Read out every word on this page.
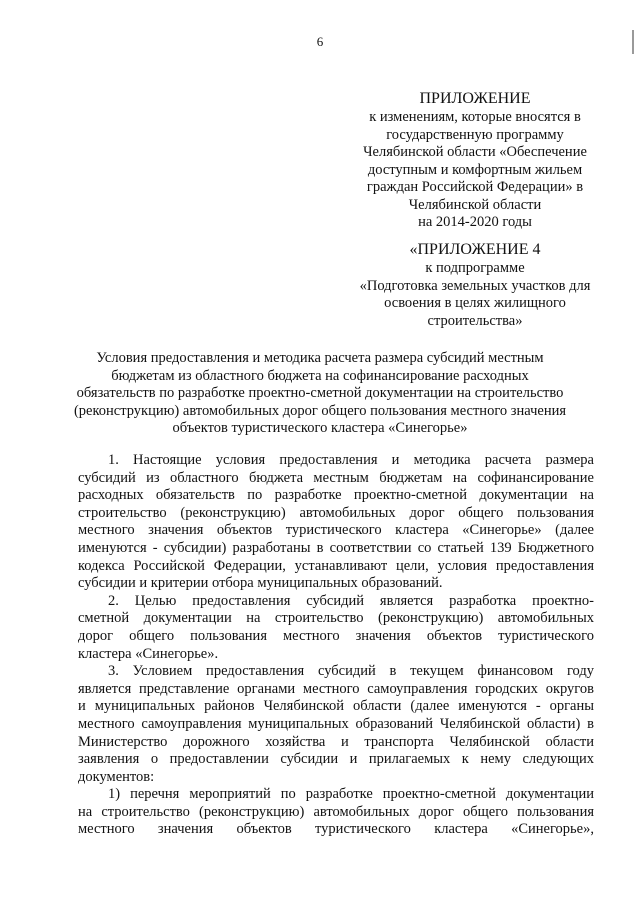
6
ПРИЛОЖЕНИЕ
к изменениям, которые вносятся в
государственную программу
Челябинской области «Обеспечение
доступным и комфортным жильем
граждан Российской Федерации» в
Челябинской области
на 2014-2020 годы
«ПРИЛОЖЕНИЕ 4
к подпрограмме
«Подготовка земельных участков для
освоения в целях жилищного
строительства»
Условия предоставления и методика расчета размера субсидий местным
бюджетам из областного бюджета на софинансирование расходных
обязательств по разработке проектно-сметной документации на строительство
(реконструкцию) автомобильных дорог общего пользования местного значения
объектов туристического кластера «Синегорье»
1. Настоящие условия предоставления и методика расчета размера
субсидий из областного бюджета местным бюджетам на софинансирование
расходных обязательств по разработке проектно-сметной документации на
строительство (реконструкцию) автомобильных дорог общего пользования
местного значения объектов туристического кластера «Синегорье» (далее
именуются - субсидии) разработаны в соответствии со статьей 139 Бюджетного
кодекса Российской Федерации, устанавливают цели, условия предоставления
субсидии и критерии отбора муниципальных образований.
2. Целью предоставления субсидий является разработка проектно-
сметной документации на строительство (реконструкцию) автомобильных
дорог общего пользования местного значения объектов туристического
кластера «Синегорье».
3. Условием предоставления субсидий в текущем финансовом году
является представление органами местного самоуправления городских округов
и муниципальных районов Челябинской области (далее именуются - органы
местного самоуправления муниципальных образований Челябинской области) в
Министерство дорожного хозяйства и транспорта Челябинской области
заявления о предоставлении субсидии и прилагаемых к нему следующих
документов:
1) перечня мероприятий по разработке проектно-сметной документации
на строительство (реконструкцию) автомобильных дорог общего пользования
местного значения объектов туристического кластера «Синегорье»,
